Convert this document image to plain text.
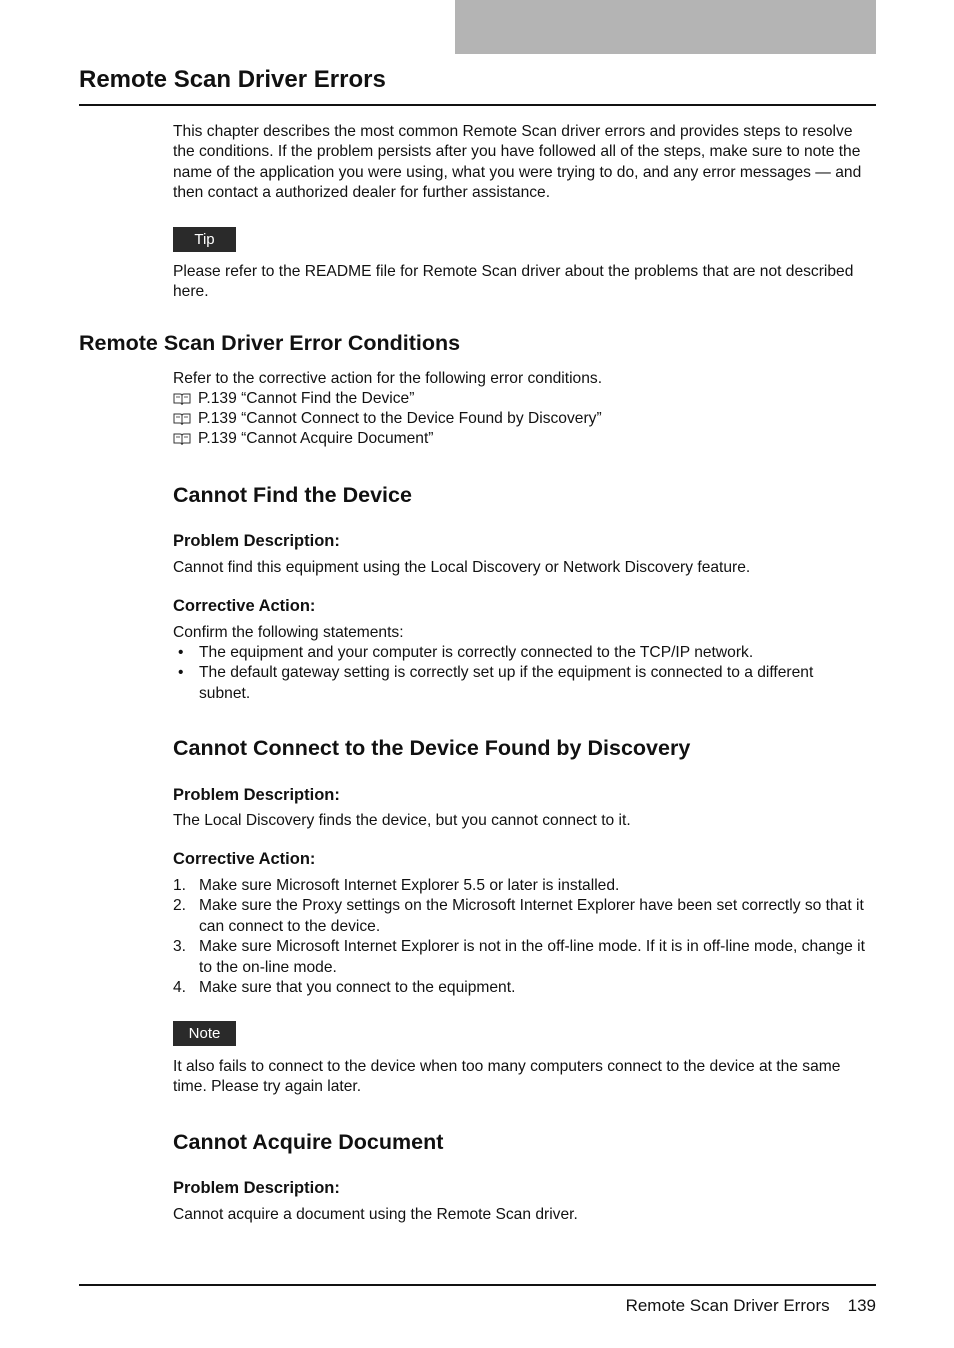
Remote Scan Driver Errors

This chapter describes the most common Remote Scan driver errors and provides steps to resolve the conditions. If the problem persists after you have followed all of the steps, make sure to note the name of the application you were using, what you were trying to do, and any error messages — and then contact a authorized dealer for further assistance.

Tip

Please refer to the README file for Remote Scan driver about the problems that are not described here.

Remote Scan Driver Error Conditions

Refer to the corrective action for the following error conditions.

P.139 “Cannot Find the Device”
P.139 “Cannot Connect to the Device Found by Discovery”
P.139 “Cannot Acquire Document”
Cannot Find the Device
Problem Description:

Cannot find this equipment using the Local Discovery or Network Discovery feature.

Corrective Action:

Confirm the following statements:

• The equipment and your computer is correctly connected to the TCP/IP network.
• The default gateway setting is correctly set up if the equipment is connected to a different subnet.
Cannot Connect to the Device Found by Discovery
Problem Description:

The Local Discovery finds the device, but you cannot connect to it.

Corrective Action:
1. Make sure Microsoft Internet Explorer 5.5 or later is installed.
2. Make sure the Proxy settings on the Microsoft Internet Explorer have been set correctly so that it can connect to the device.
3. Make sure Microsoft Internet Explorer is not in the off-line mode. If it is in off-line mode, change it to the on-line mode.
4. Make sure that you connect to the equipment.
Note

It also fails to connect to the device when too many computers connect to the device at the same time. Please try again later.

Cannot Acquire Document
Problem Description:

Cannot acquire a document using the Remote Scan driver.

Remote Scan Driver Errors 139
